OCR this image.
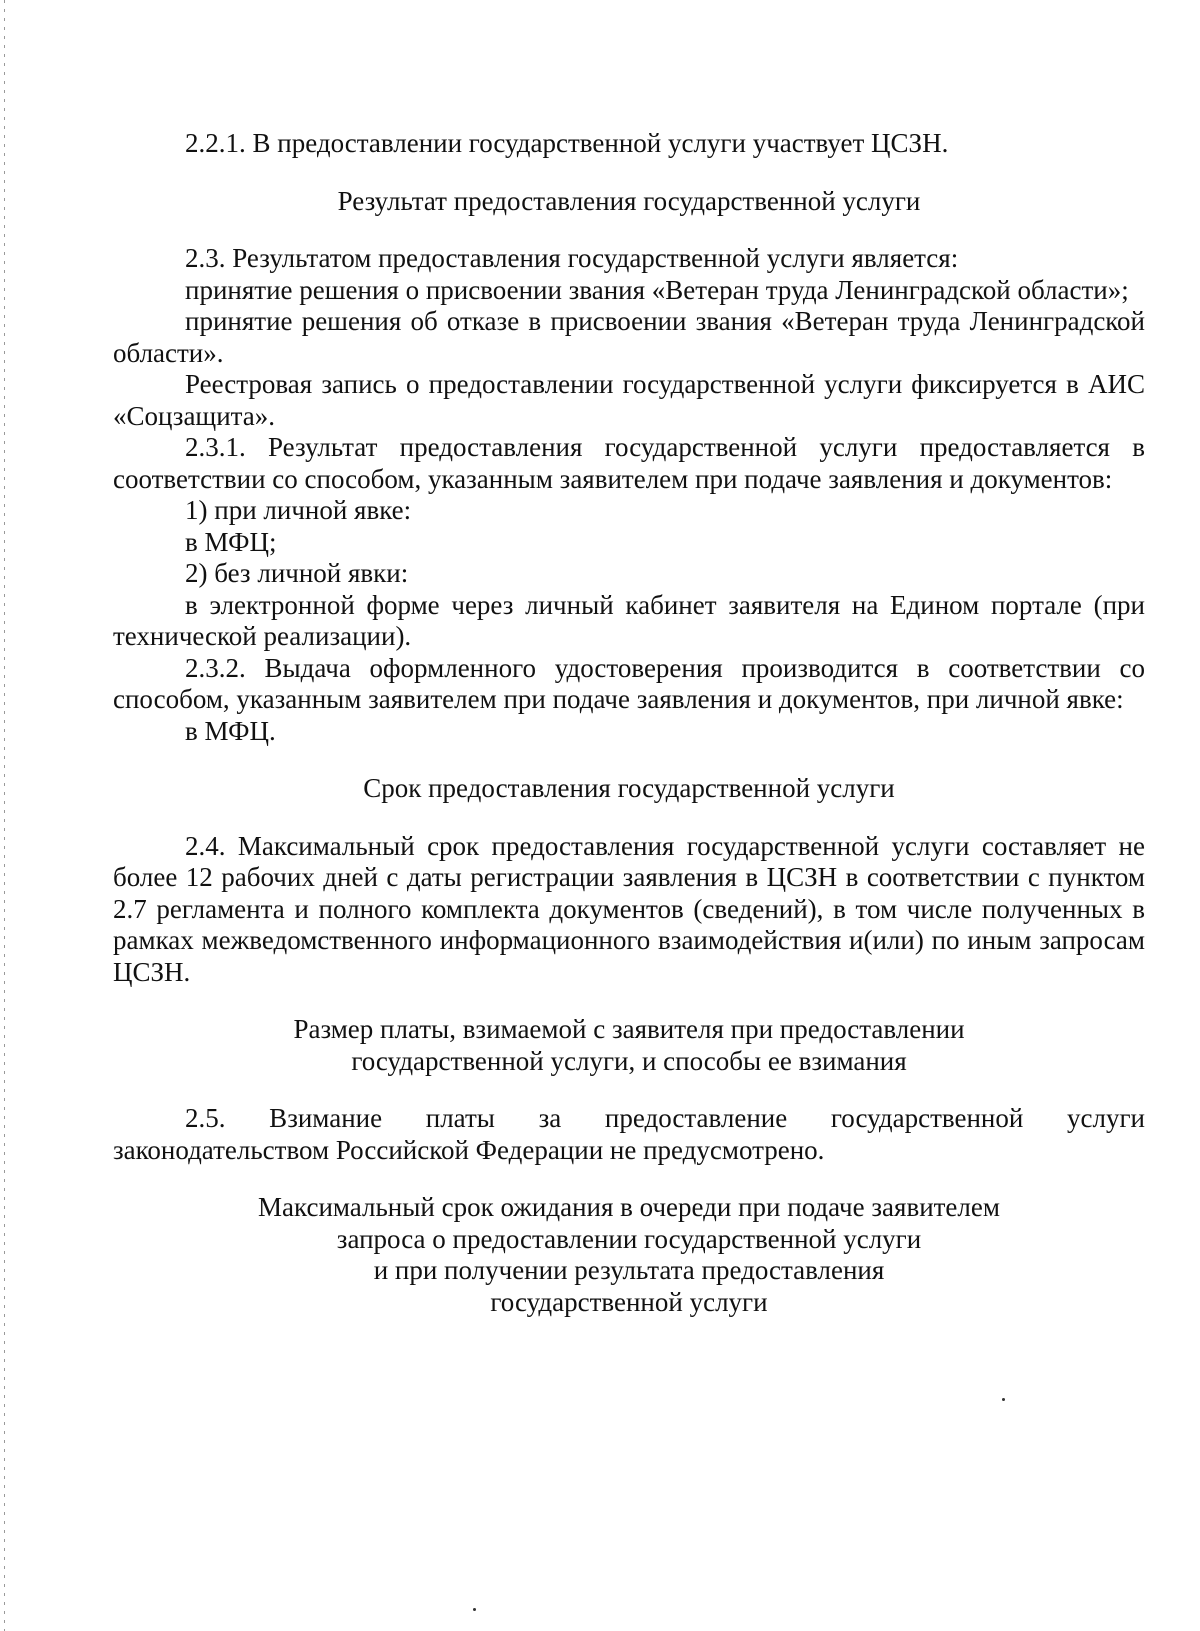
2.2.1. В предоставлении государственной услуги участвует ЦСЗН.

Результат предоставления государственной услуги

2.3. Результатом предоставления государственной услуги является:

принятие решения о присвоении звания «Ветеран труда Ленинградской области»;

принятие решения об отказе в присвоении звания «Ветеран труда Ленинградской области».

Реестровая запись о предоставлении государственной услуги фиксируется в АИС «Соцзащита».

2.3.1. Результат предоставления государственной услуги предоставляется в соответствии со способом, указанным заявителем при подаче заявления и документов:

1) при личной явке:

в МФЦ;

2) без личной явки:

в электронной форме через личный кабинет заявителя на Едином портале (при технической реализации).

2.3.2. Выдача оформленного удостоверения производится в соответствии со способом, указанным заявителем при подаче заявления и документов, при личной явке:

в МФЦ.

Срок предоставления государственной услуги

2.4. Максимальный срок предоставления государственной услуги составляет не более 12 рабочих дней с даты регистрации заявления в ЦСЗН в соответствии с пунктом 2.7 регламента и полного комплекта документов (сведений), в том числе полученных в рамках межведомственного информационного взаимодействия и(или) по иным запросам ЦСЗН.

Размер платы, взимаемой с заявителя при предоставлении
государственной услуги, и способы ее взимания

2.5. Взимание платы за предоставление государственной услуги законодательством Российской Федерации не предусмотрено.

Максимальный срок ожидания в очереди при подаче заявителем
запроса о предоставлении государственной услуги
и при получении результата предоставления
государственной услуги
